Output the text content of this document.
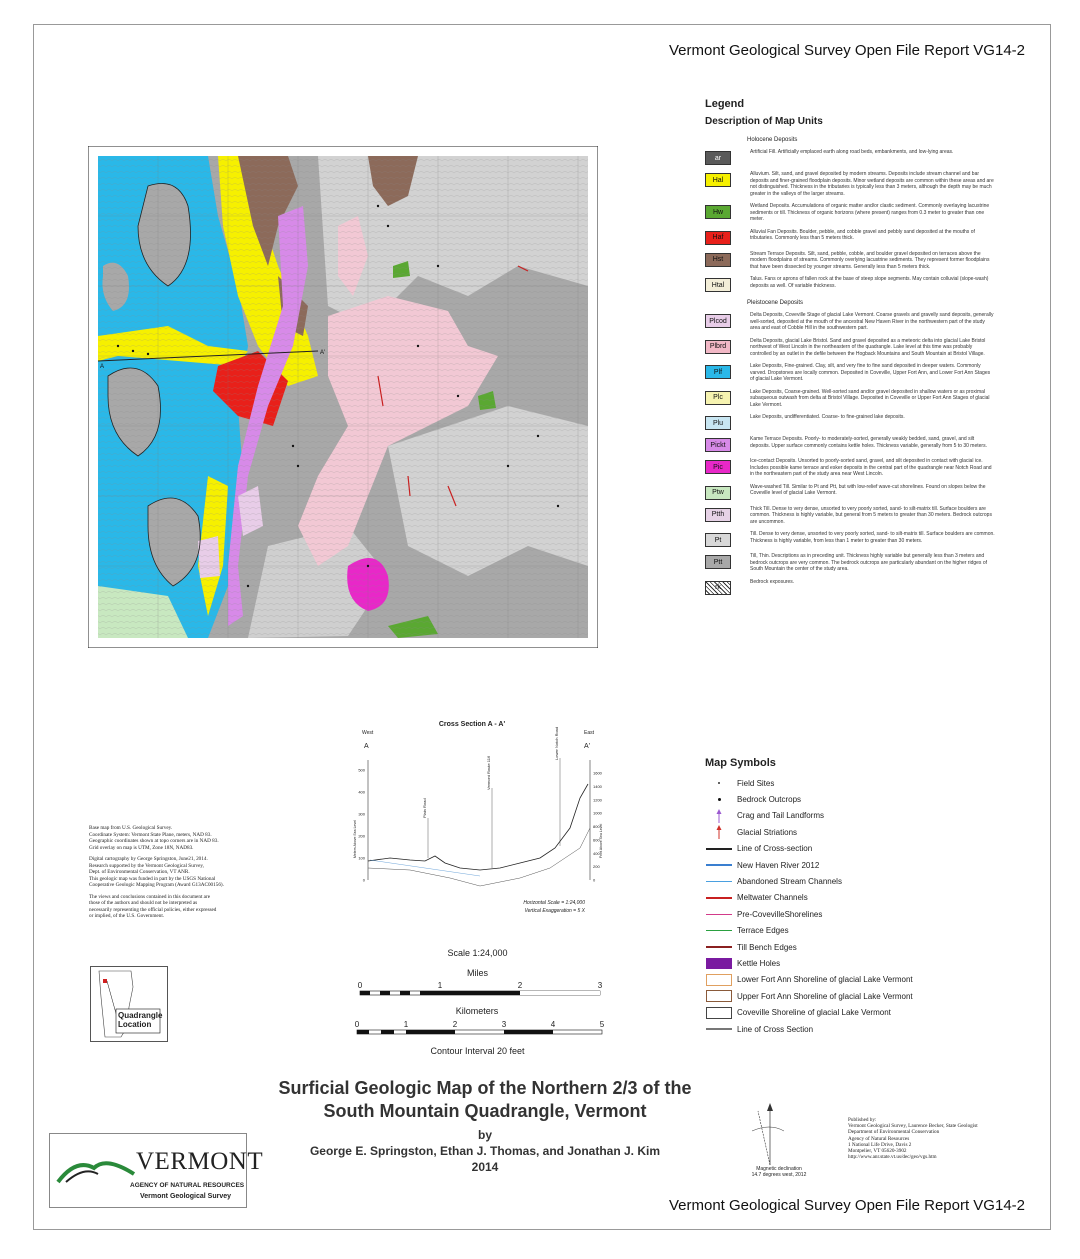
Vermont Geological Survey Open File Report VG14-2
A'
A
Legend
Description of Map Units
Holocene Deposits
ar
Artificial Fill. Artificially emplaced earth along road beds, embankments, and low-lying areas.
Hal
Alluvium. Silt, sand, and gravel deposited by modern streams. Deposits include stream channel and bar deposits and finer-grained floodplain deposits. Minor wetland deposits are common within these areas and are not distinguished. Thickness in the tributaries is typically less than 3 meters, although the depth may be much greater in the valleys of the larger streams.
Hw
Wetland Deposits. Accumulations of organic matter and/or clastic sediment. Commonly overlaying lacustrine sediments or till. Thickness of organic horizons (where present) ranges from 0.3 meter to greater than one meter.
Haf
Alluvial Fan Deposits. Boulder, pebble, and cobble gravel and pebbly sand deposited at the mouths of tributaries. Commonly less than 5 meters thick.
Hst
Stream Terrace Deposits. Silt, sand, pebble, cobble, and boulder gravel deposited on terraces above the modern floodplains of streams. Commonly overlying lacustrine sediments. They represent former floodplains that have been dissected by younger streams. Generally less than 5 meters thick.
Htal
Talus. Fans or aprons of fallen rock at the base of steep slope segments. May contain colluvial (slope-wash) deposits as well. Of variable thickness.
Pleistocene Deposits
Plcod
Delta Deposits, Coveville Stage of glacial Lake Vermont. Coarse gravels and gravelly sand deposits, generally well-sorted, deposited at the mouth of the ancestral New Haven River in the northwestern part of the study area and east of Cobble Hill in the southwestern part.
Plbrd
Delta Deposits, glacial Lake Bristol. Sand and gravel deposited as a meteoric delta into glacial Lake Bristol northwest of West Lincoln in the northeastern of the quadrangle. Lake level at this time was probably controlled by an outlet in the defile between the Hogback Mountains and South Mountain at Bristol Village.
Plf
Lake Deposits, Fine-grained. Clay, silt, and very fine to fine sand deposited in deeper waters. Commonly varved. Dropstones are locally common. Deposited in Coveville, Upper Fort Ann, and Lower Fort Ann Stages of glacial Lake Vermont.
Plc
Lake Deposits, Coarse-grained. Well-sorted sand and/or gravel deposited in shallow waters or as proximal subaqueous outwash from delta at Bristol Village. Deposited in Coveville or Upper Fort Ann Stages of glacial Lake Vermont.
Plu
Lake Deposits, undifferentiated. Coarse- to fine-grained lake deposits.
Pickt
Kame Terrace Deposits. Poorly- to moderately-sorted, generally weakly bedded, sand, gravel, and silt deposits. Upper surface commonly contains kettle holes. Thickness variable, generally from 5 to 30 meters.
Pic
Ice-contact Deposits. Unsorted to poorly-sorted sand, gravel, and silt deposited in contact with glacial ice. Includes possible kame terrace and esker deposits in the central part of the quadrangle near Notch Road and in the northeastern part of the study area near West Lincoln.
Ptw
Wave-washed Till. Similar to Pt and Ptt, but with low-relief wave-cut shorelines. Found on slopes below the Coveville level of glacial Lake Vermont.
Ptth
Thick Till. Dense to very dense, unsorted to very poorly sorted, sand- to silt-matrix till. Surface boulders are common. Thickness is highly variable, but general from 5 meters to greater than 30 meters. Bedrock outcrops are uncommon.
Pt
Till. Dense to very dense, unsorted to very poorly sorted, sand- to silt-matrix till. Surface boulders are common. Thickness is highly variable, from less than 1 meter to greater than 30 meters.
Ptt
Till, Thin. Descriptions as in preceding unit. Thickness highly variable but generally less than 3 meters and bedrock outcrops are very common. The bedrock outcrops are particularly abundant on the higher ridges of South Mountain the center of the study area.
rk
Bedrock exposures.
Map Symbols
Field Sites
Bedrock Outcrops
Crag and Tail Landforms
Glacial Striations
Line of Cross-section
New Haven River 2012
Abandoned Stream Channels
Meltwater Channels
Pre-CovevilleShorelines
Terrace Edges
Till Bench Edges
Kettle Holes
Lower Fort Ann Shoreline of glacial Lake Vermont
Upper Fort Ann Shoreline of glacial Lake Vermont
Coveville Shoreline of glacial Lake Vermont
Line of Cross Section
Cross Section A - A'
West	East
A	A'
500
400
300
200
100
0
1600
1400
1200
1000
800
600
400
200
0
Plain Road
Vermont Route 116
Lower Notch Road
Meters Above Sea Level	Feet Above Sea Level
Horizontal Scale = 1:24,000
Vertical Exaggeration = 5 X

Base map from U.S. Geological Survey.
Coordinate System: Vermont State Plane, meters, NAD 83.
Geographic coordinates shown at topo corners are in NAD 83.
Grid overlay on map is UTM, Zone 18N, NAD83.

Digital cartography by George Springston, June21, 2014.
Research supported by the Vermont Geological Survey,
Dept. of Environmental Conservation, VT ANR.
This geologic map was funded in part by the USGS National
Cooperative Geologic Mapping Program (Award G13AC00156).

The views and conclusions contained in this document are
those of the authors and should not be interpreted as
necessarily representing the official policies, either expressed
or implied, of the U.S. Government.

Scale 1:24,000
Miles
0	1	2	3
Kilometers
0	1	2	3	4	5
Contour Interval 20 feet
Quadrangle Location
Surficial Geologic Map of the Northern 2/3 of the
South Mountain Quadrangle, Vermont
by
George E. Springston, Ethan J. Thomas, and Jonathan J. Kim
2014
VERMONT
AGENCY OF NATURAL RESOURCES
Vermont Geological Survey
Magnetic declination
14.7 degrees west, 2012
Published by:
Vermont Geological Survey, Laurence Becker, State Geologist
Department of Environmental Conservation
Agency of Natural Resources
1 National Life Drive, Davis 2
Montpelier, VT 05620-3902
http://www.anr.state.vt.us/dec/geo/vgs.htm
Vermont Geological Survey Open File Report VG14-2
